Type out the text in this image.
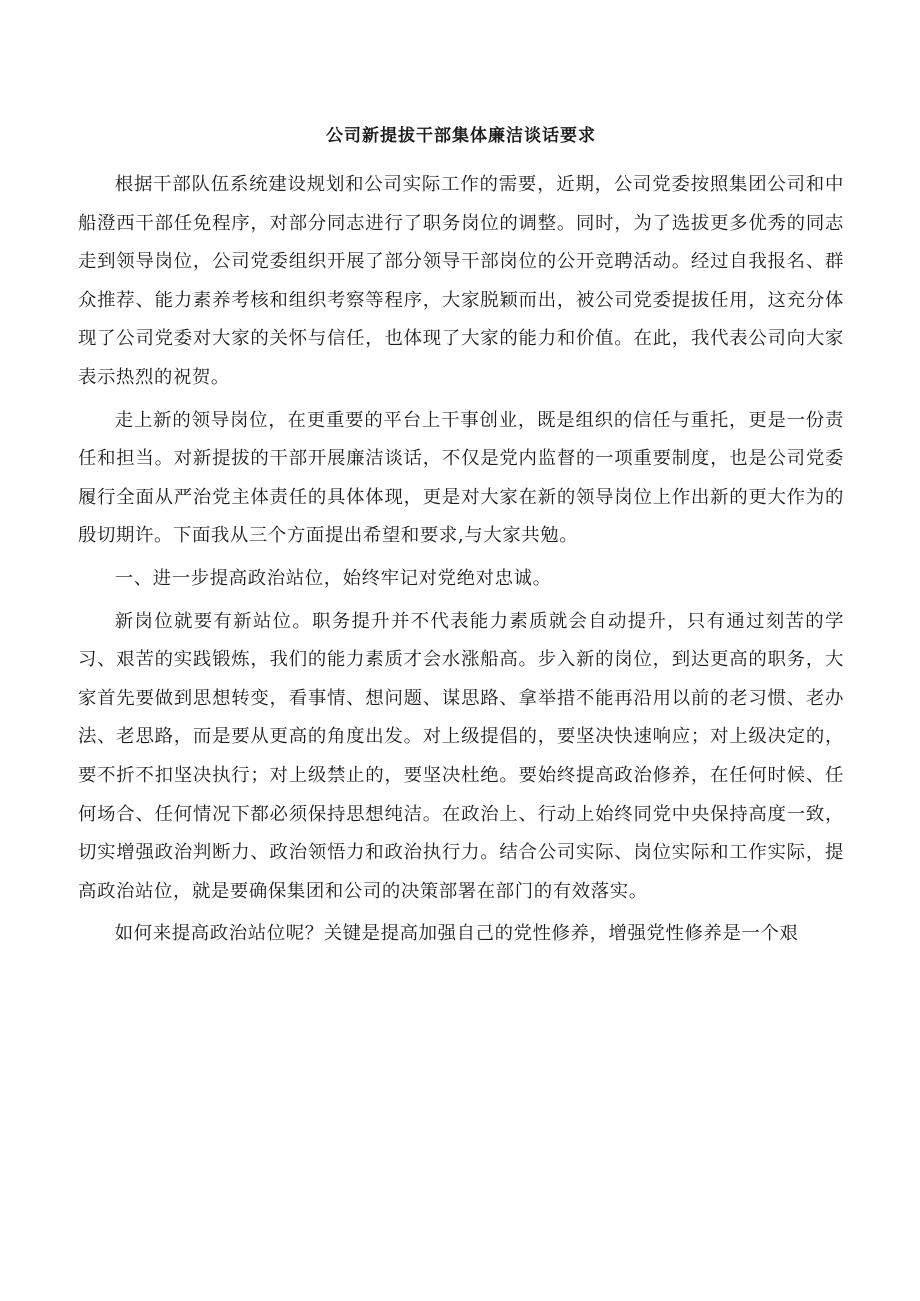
公司新提拔干部集体廉洁谈话要求

根据干部队伍系统建设规划和公司实际工作的需要，近期，公司党委按照集团公司和中船澄西干部任免程序，对部分同志进行了职务岗位的调整。同时，为了选拔更多优秀的同志走到领导岗位，公司党委组织开展了部分领导干部岗位的公开竞聘活动。经过自我报名、群众推荐、能力素养考核和组织考察等程序，大家脱颖而出，被公司党委提拔任用，这充分体现了公司党委对大家的关怀与信任，也体现了大家的能力和价值。在此，我代表公司向大家表示热烈的祝贺。

走上新的领导岗位，在更重要的平台上干事创业，既是组织的信任与重托，更是一份责任和担当。对新提拔的干部开展廉洁谈话，不仅是党内监督的一项重要制度，也是公司党委履行全面从严治党主体责任的具体体现，更是对大家在新的领导岗位上作出新的更大作为的殷切期许。下面我从三个方面提出希望和要求,与大家共勉。

一、进一步提高政治站位，始终牢记对党绝对忠诚。

新岗位就要有新站位。职务提升并不代表能力素质就会自动提升，只有通过刻苦的学习、艰苦的实践锻炼，我们的能力素质才会水涨船高。步入新的岗位，到达更高的职务，大家首先要做到思想转变，看事情、想问题、谋思路、拿举措不能再沿用以前的老习惯、老办法、老思路，而是要从更高的角度出发。对上级提倡的，要坚决快速响应；对上级决定的，要不折不扣坚决执行；对上级禁止的，要坚决杜绝。要始终提高政治修养，在任何时候、任何场合、任何情况下都必须保持思想纯洁。在政治上、行动上始终同党中央保持高度一致，切实增强政治判断力、政治领悟力和政治执行力。结合公司实际、岗位实际和工作实际，提高政治站位，就是要确保集团和公司的决策部署在部门的有效落实。

如何来提高政治站位呢？关键是提高加强自己的党性修养，增强党性修养是一个艰
